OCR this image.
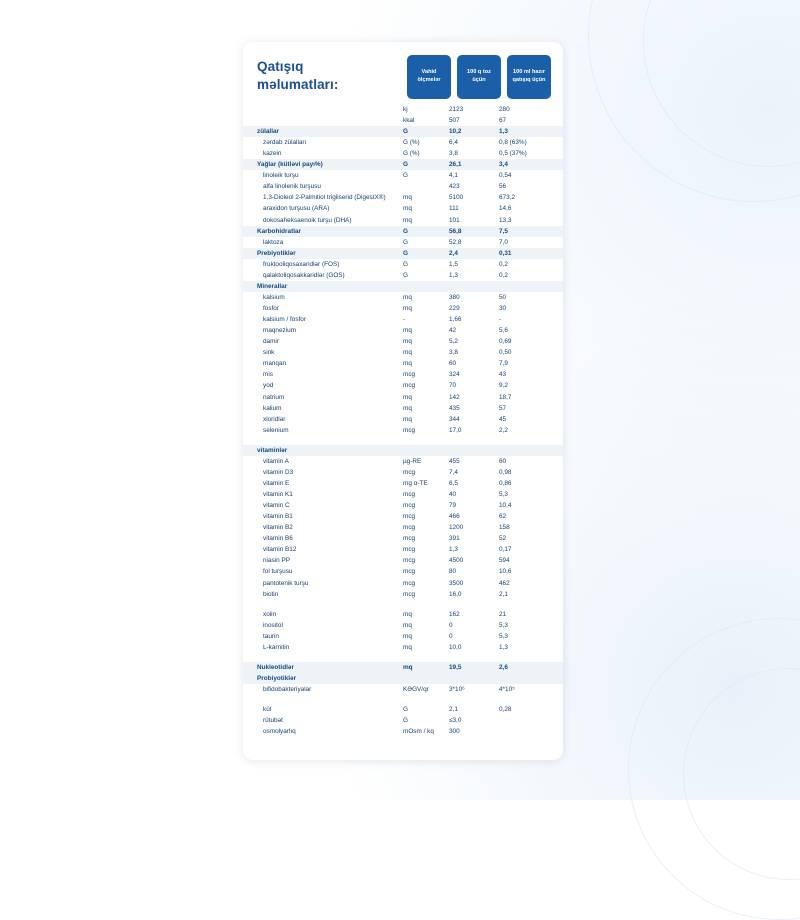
Qatışıq
məlumatları:
Vahid ölçmelər
100 q toz üçün
100 ml hazır qatışıq üçün
	kj	2123	280
	kkal	507	67
zülallar	G	10,2	1,3
zərdab zülalları	G (%)	6,4	0,8 (63%)
kazein	G (%)	3,8	0,5 (37%)
Yağlar (kütləvi payı%)	G	26,1	3,4
linoleik turşu	G	4,1	0,54
alfa linolenik turşusu		423	56
1,3-Dioleol 2-Palmitiol trigliserid (DigestX®)	mq	5100	673,2
araxidon turşusu (ARA)	mq	111	14,6
dokosaheksaenoik turşu (DHA)	mq	101	13,3
Karbohidratlar	G	56,8	7,5
laktoza	G	52,8	7,0
Prebiyotiklər	G	2,4	0,31
fruktooliqosaxaridlər (FOS)	G	1,5	0,2
qalaktoliqosakkaridlər (GOS)	G	1,3	0,2
Minerallar			
kalsium	mq	380	50
fosfor	mq	229	30
kalsium / fosfor	-	1,66	-
maqnezium	mq	42	5,6
damir	mq	5,2	0,69
sink	mq	3,8	0,50
manqan	mq	60	7,9
mis	mcg	324	43
yod	mcg	70	9,2
natrium	mq	142	18,7
kalium	mq	435	57
xloridlər	mq	344	45
selenium	mcg	17,0	2,2

vitaminlər			
vitamin A	µg-RE	455	60
vitamin D3	mcg	7,4	0,98
vitamin E	mg α-TE	6,5	0,86
vitamin K1	mcg	40	5,3
vitamin C	mcg	79	10,4
vitamin B1	mcg	466	62
vitamin B2	mcg	1200	158
vitamin B6	mcg	391	52
vitamin B12	mcg	1,3	0,17
niasin PP	mcg	4500	594
fol turşusu	mcg	80	10,6
pantotenik turşu	mcg	3500	462
biotin	mcg	16,0	2,1

xolin	mq	162	21
inositol	mq	0	5,3
taurin	mq	0	5,3
L-karnitin	mq	10,0	1,3

Nukleotidlər	mq	19,5	2,6
Probiyotiklər			
bifidobakteriyalar	KƏGV/qr	3*10⁶	4*10⁵

kül	G	2,1	0,28
rütubət	G	≤3,0	
osmolyarlıq	mOsm / kq	300	
